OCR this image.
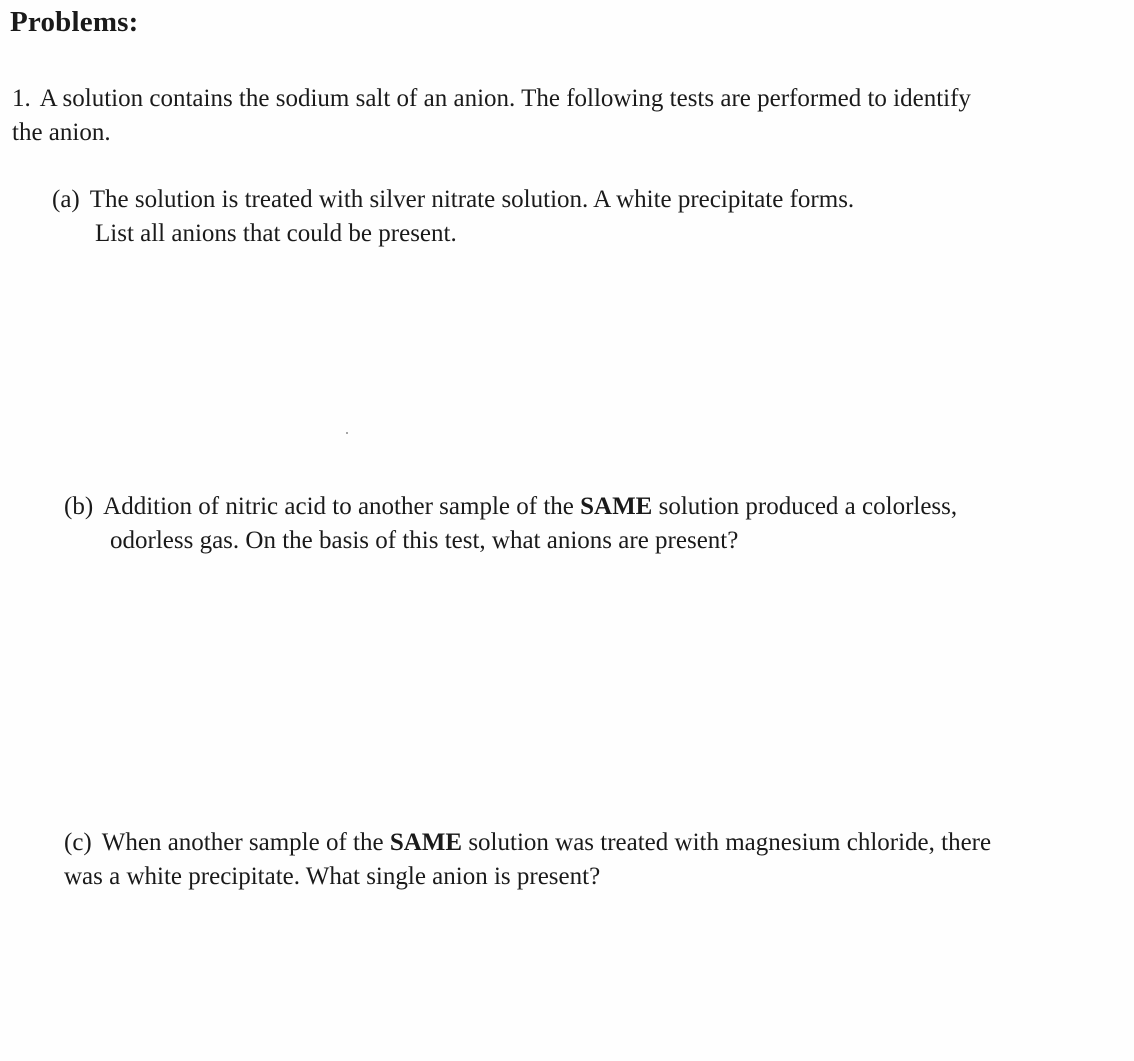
Problems:
1. A solution contains the sodium salt of an anion. The following tests are performed to identify
the anion.
(a) The solution is treated with silver nitrate solution. A white precipitate forms.
List all anions that could be present.
(b) Addition of nitric acid to another sample of the SAME solution produced a colorless,
odorless gas. On the basis of this test, what anions are present?
(c) When another sample of the SAME solution was treated with magnesium chloride, there
was a white precipitate. What single anion is present?
